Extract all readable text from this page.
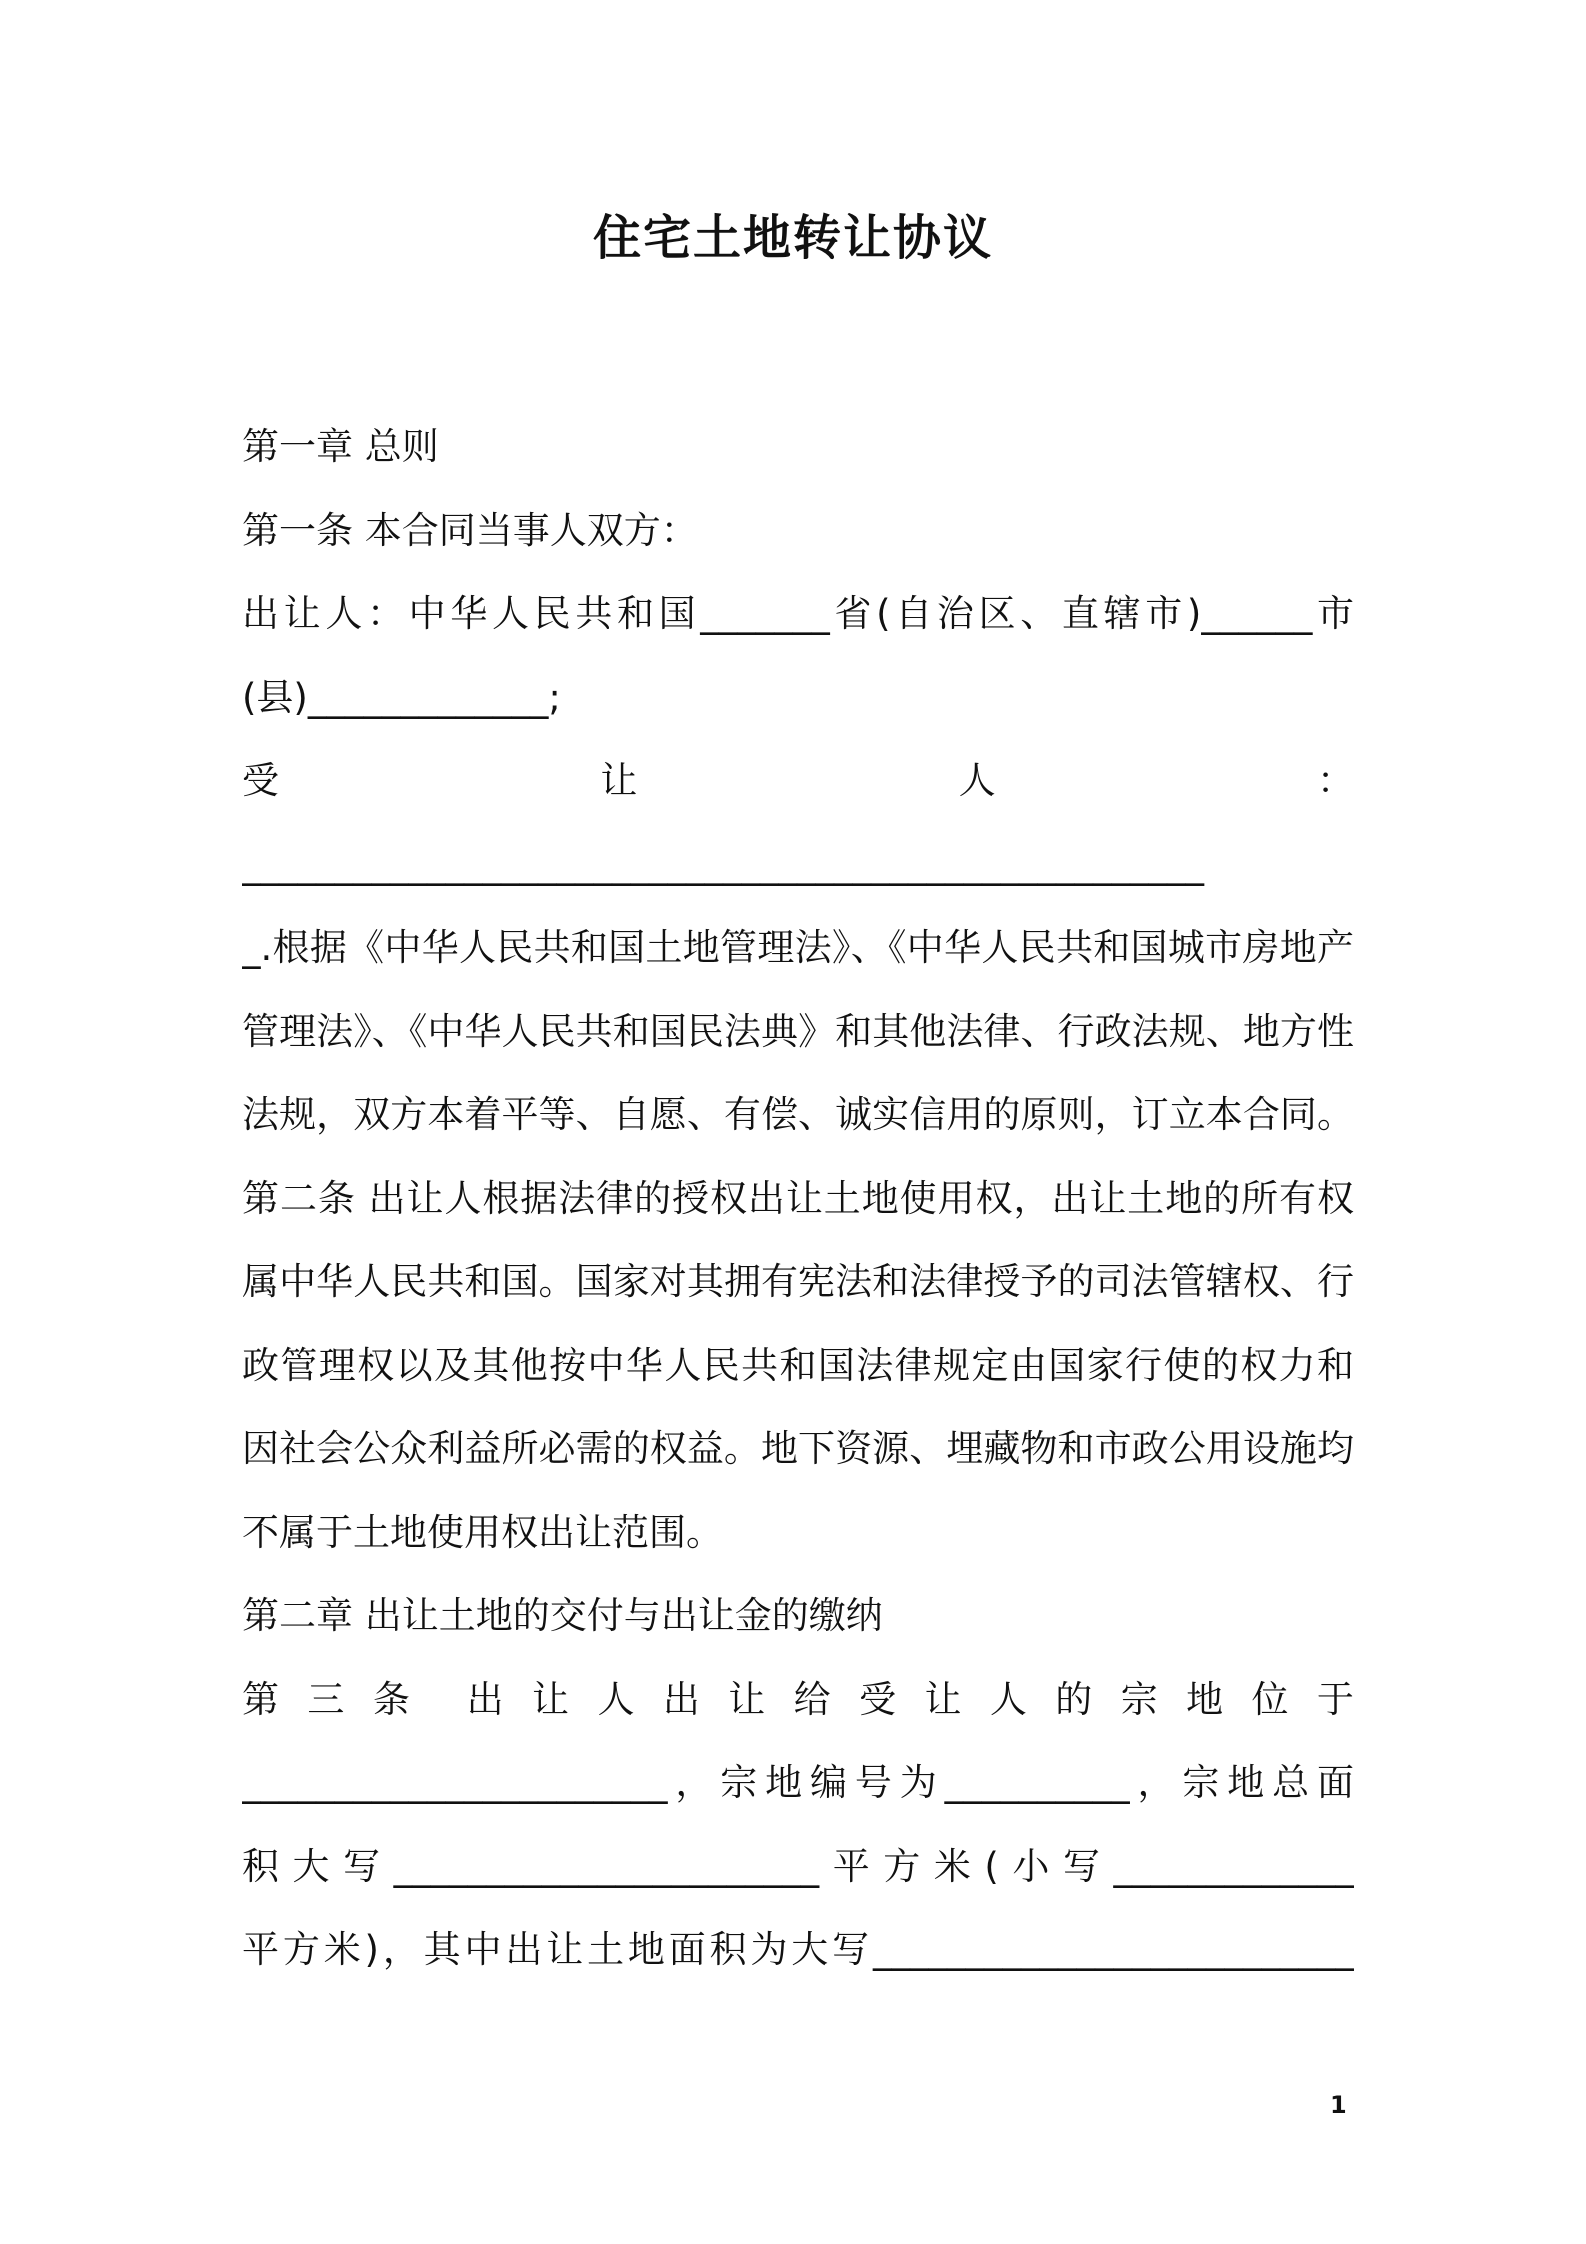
住宅土地转让协议
第一章 总则
第一条 本合同当事人双方：
出让人：中华人民共和国_______省(自治区、直辖市)______市
(县)_____________;
受	让	人	：
____________________________________________________
_.根据《中华人民共和国土地管理法》、《中华人民共和国城市房地产
管理法》、《中华人民共和国民法典》和其他法律、行政法规、地方性
法规，双方本着平等、自愿、有偿、诚实信用的原则，订立本合同。
第二条 出让人根据法律的授权出让土地使用权，出让土地的所有权
属中华人民共和国。国家对其拥有宪法和法律授予的司法管辖权、行
政管理权以及其他按中华人民共和国法律规定由国家行使的权力和
因社会公众利益所必需的权益。地下资源、埋藏物和市政公用设施均
不属于土地使用权出让范围。
第二章 出让土地的交付与出让金的缴纳
第 三 条 出 让 人 出 让 给 受 让 人 的 宗 地 位 于
_______________________，宗地编号为__________，宗地总面
积大写_______________________平方米(小写_____________
平方米)，其中出让土地面积为大写__________________________
1
